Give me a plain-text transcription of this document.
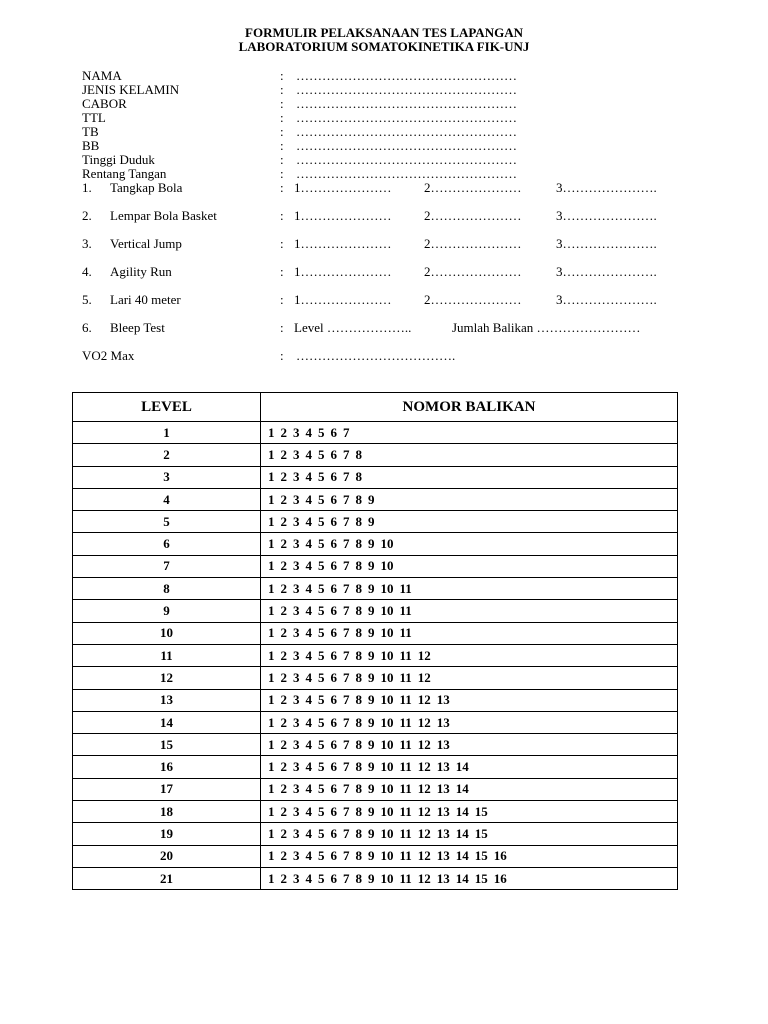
FORMULIR PELAKSANAAN TES LAPANGAN
LABORATORIUM SOMATOKINETIKA FIK-UNJ
NAMA	: ……………………………………………
JENIS KELAMIN	: ……………………………………………
CABOR	: ……………………………………………
TTL	: ……………………………………………
TB	: ……………………………………………
BB	: ……………………………………………
Tinggi Duduk	: ……………………………………………
Rentang Tangan	: ……………………………………………
1. Tangkap Bola	: 1…………………	2…………………	3………………….
2. Lempar Bola Basket	: 1…………………	2…………………	3………………….
3. Vertical Jump	: 1…………………	2…………………	3………………….
4. Agility Run	: 1…………………	2…………………	3………………….
5. Lari 40 meter	: 1…………………	2…………………	3………………….
6. Bleep Test	: Level ………………..	Jumlah Balikan ……………………
VO2 Max	: ……………………………….
LEVEL	NOMOR BALIKAN
1	1 2 3 4 5 6 7
2	1 2 3 4 5 6 7 8
3	1 2 3 4 5 6 7 8
4	1 2 3 4 5 6 7 8 9
5	1 2 3 4 5 6 7 8 9
6	1 2 3 4 5 6 7 8 9 10
7	1 2 3 4 5 6 7 8 9 10
8	1 2 3 4 5 6 7 8 9 10 11
9	1 2 3 4 5 6 7 8 9 10 11
10	1 2 3 4 5 6 7 8 9 10 11
11	1 2 3 4 5 6 7 8 9 10 11 12
12	1 2 3 4 5 6 7 8 9 10 11 12
13	1 2 3 4 5 6 7 8 9 10 11 12 13
14	1 2 3 4 5 6 7 8 9 10 11 12 13
15	1 2 3 4 5 6 7 8 9 10 11 12 13
16	1 2 3 4 5 6 7 8 9 10 11 12 13 14
17	1 2 3 4 5 6 7 8 9 10 11 12 13 14
18	1 2 3 4 5 6 7 8 9 10 11 12 13 14 15
19	1 2 3 4 5 6 7 8 9 10 11 12 13 14 15
20	1 2 3 4 5 6 7 8 9 10 11 12 13 14 15 16
21	1 2 3 4 5 6 7 8 9 10 11 12 13 14 15 16
